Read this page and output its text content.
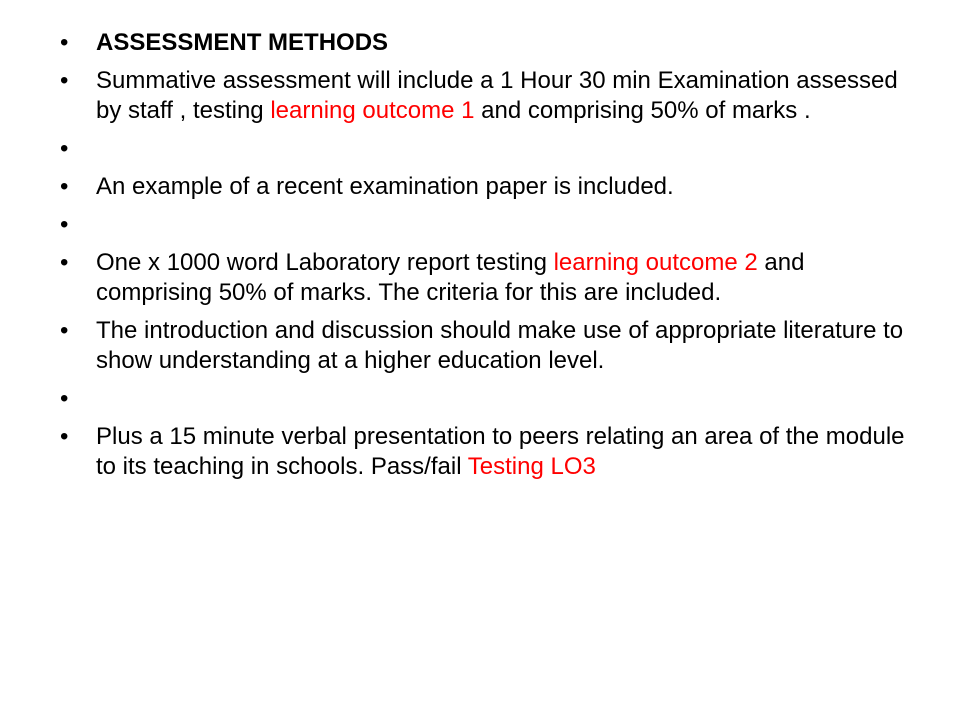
• ASSESSMENT METHODS
• Summative assessment will include a 1 Hour 30 min Examination assessed by staff , testing learning outcome 1 and comprising 50% of marks .
•
• An example of a recent examination paper is included.
•
• One x 1000 word Laboratory report testing learning outcome 2 and comprising 50% of marks. The criteria for this are included.
• The introduction and discussion should make use of appropriate literature to show understanding at a higher education level.
•
• Plus a 15 minute verbal presentation to peers relating an area of the module to its teaching in schools. Pass/fail Testing LO3
